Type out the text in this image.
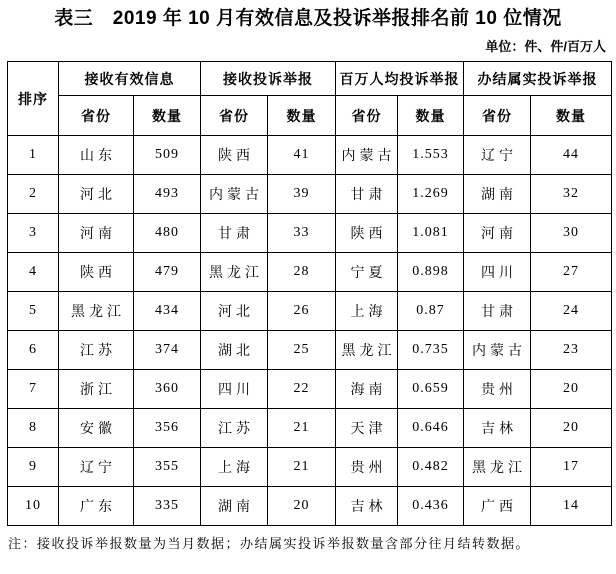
表三 2019 年 10 月有效信息及投诉举报排名前 10 位情况
单位：件、件/百万人
排序	接收有效信息		接收投诉举报		百万人均投诉举报		办结属实投诉举报	
	省份	数量	省份	数量	省份	数量	省份	数量
1	山东	509	陕西	41	内蒙古	1.553	辽宁	44
2	河北	493	内蒙古	39	甘肃	1.269	湖南	32
3	河南	480	甘肃	33	陕西	1.081	河南	30
4	陕西	479	黑龙江	28	宁夏	0.898	四川	27
5	黑龙江	434	河北	26	上海	0.87	甘肃	24
6	江苏	374	湖北	25	黑龙江	0.735	内蒙古	23
7	浙江	360	四川	22	海南	0.659	贵州	20
8	安徽	356	江苏	21	天津	0.646	吉林	20
9	辽宁	355	上海	21	贵州	0.482	黑龙江	17
10	广东	335	湖南	20	吉林	0.436	广西	14
注：接收投诉举报数量为当月数据；办结属实投诉举报数量含部分往月结转数据。
